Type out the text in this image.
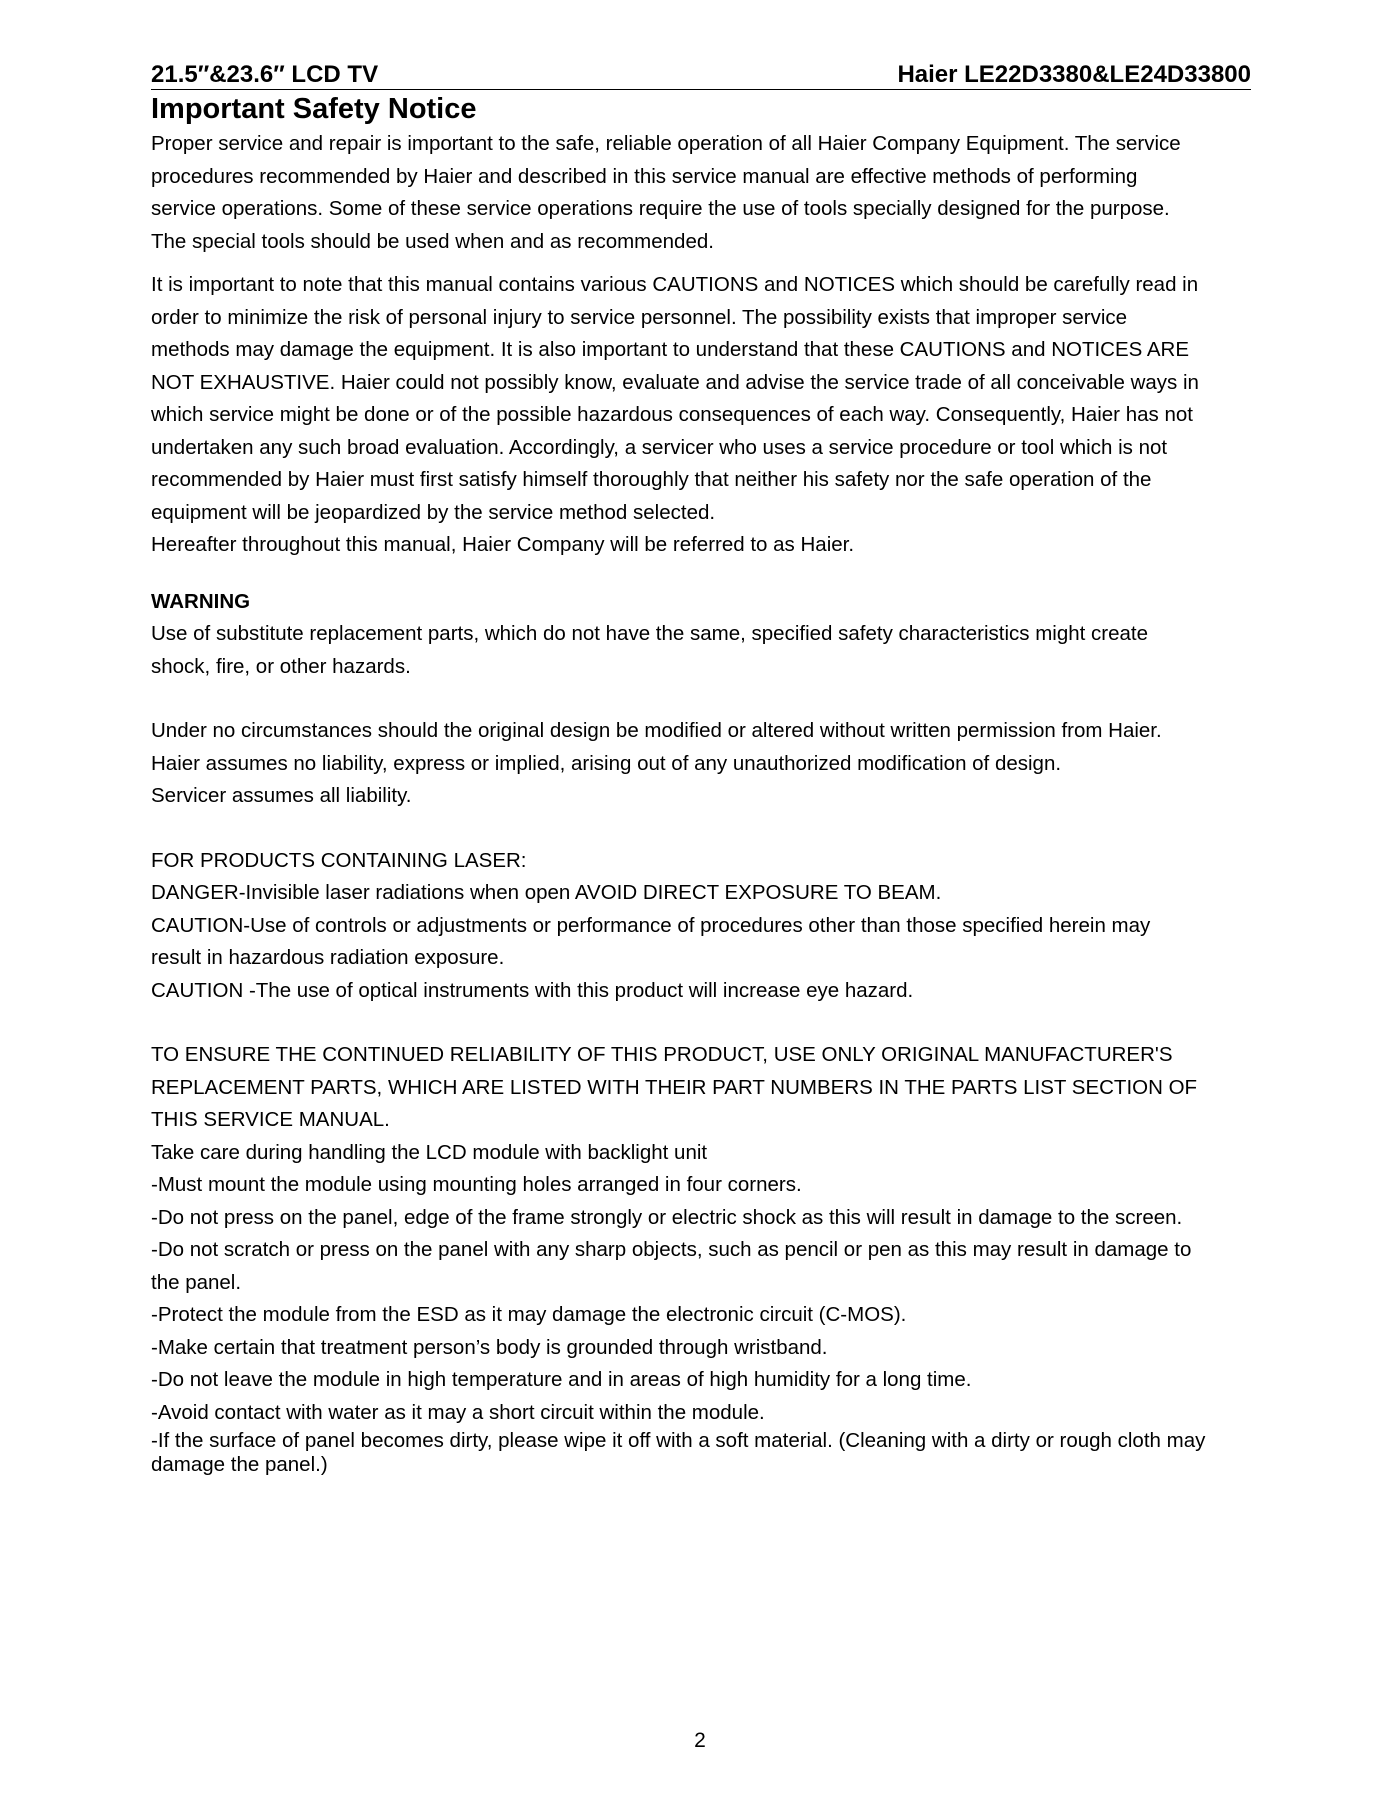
21.5″&23.6″ LCD TV	Haier LE22D3380&LE24D33800
Important Safety Notice

Proper service and repair is important to the safe, reliable operation of all Haier Company Equipment. The service

procedures recommended by Haier and described in this service manual are effective methods of performing

service operations. Some of these service operations require the use of tools specially designed for the purpose.

The special tools should be used when and as recommended.

It is important to note that this manual contains various CAUTIONS and NOTICES which should be carefully read in

order to minimize the risk of personal injury to service personnel. The possibility exists that improper service

methods may damage the equipment. It is also important to understand that these CAUTIONS and NOTICES ARE

NOT EXHAUSTIVE. Haier could not possibly know, evaluate and advise the service trade of all conceivable ways in

which service might be done or of the possible hazardous consequences of each way. Consequently, Haier has not

undertaken any such broad evaluation. Accordingly, a servicer who uses a service procedure or tool which is not

recommended by Haier must first satisfy himself thoroughly that neither his safety nor the safe operation of the

equipment will be jeopardized by the service method selected.

Hereafter throughout this manual, Haier Company will be referred to as Haier.

WARNING

Use of substitute replacement parts, which do not have the same, specified safety characteristics might create

shock, fire, or other hazards.

Under no circumstances should the original design be modified or altered without written permission from Haier.

Haier assumes no liability, express or implied, arising out of any unauthorized modification of design.

Servicer assumes all liability.

FOR PRODUCTS CONTAINING LASER:

DANGER-Invisible laser radiations when open AVOID DIRECT EXPOSURE TO BEAM.

CAUTION-Use of controls or adjustments or performance of procedures other than those specified herein may

result in hazardous radiation exposure.

CAUTION -The use of optical instruments with this product will increase eye hazard.

TO ENSURE THE CONTINUED RELIABILITY OF THIS PRODUCT, USE ONLY ORIGINAL MANUFACTURER'S

REPLACEMENT PARTS, WHICH ARE LISTED WITH THEIR PART NUMBERS IN THE PARTS LIST SECTION OF

THIS SERVICE MANUAL.

Take care during handling the LCD module with backlight unit

-Must mount the module using mounting holes arranged in four corners.

-Do not press on the panel, edge of the frame strongly or electric shock as this will result in damage to the screen.

-Do not scratch or press on the panel with any sharp objects, such as pencil or pen as this may result in damage to

the panel.

-Protect the module from the ESD as it may damage the electronic circuit (C-MOS).

-Make certain that treatment person’s body is grounded through wristband.

-Do not leave the module in high temperature and in areas of high humidity for a long time.

-Avoid contact with water as it may a short circuit within the module.

-If the surface of panel becomes dirty, please wipe it off with a soft material. (Cleaning with a dirty or rough cloth may

damage the panel.)

2
